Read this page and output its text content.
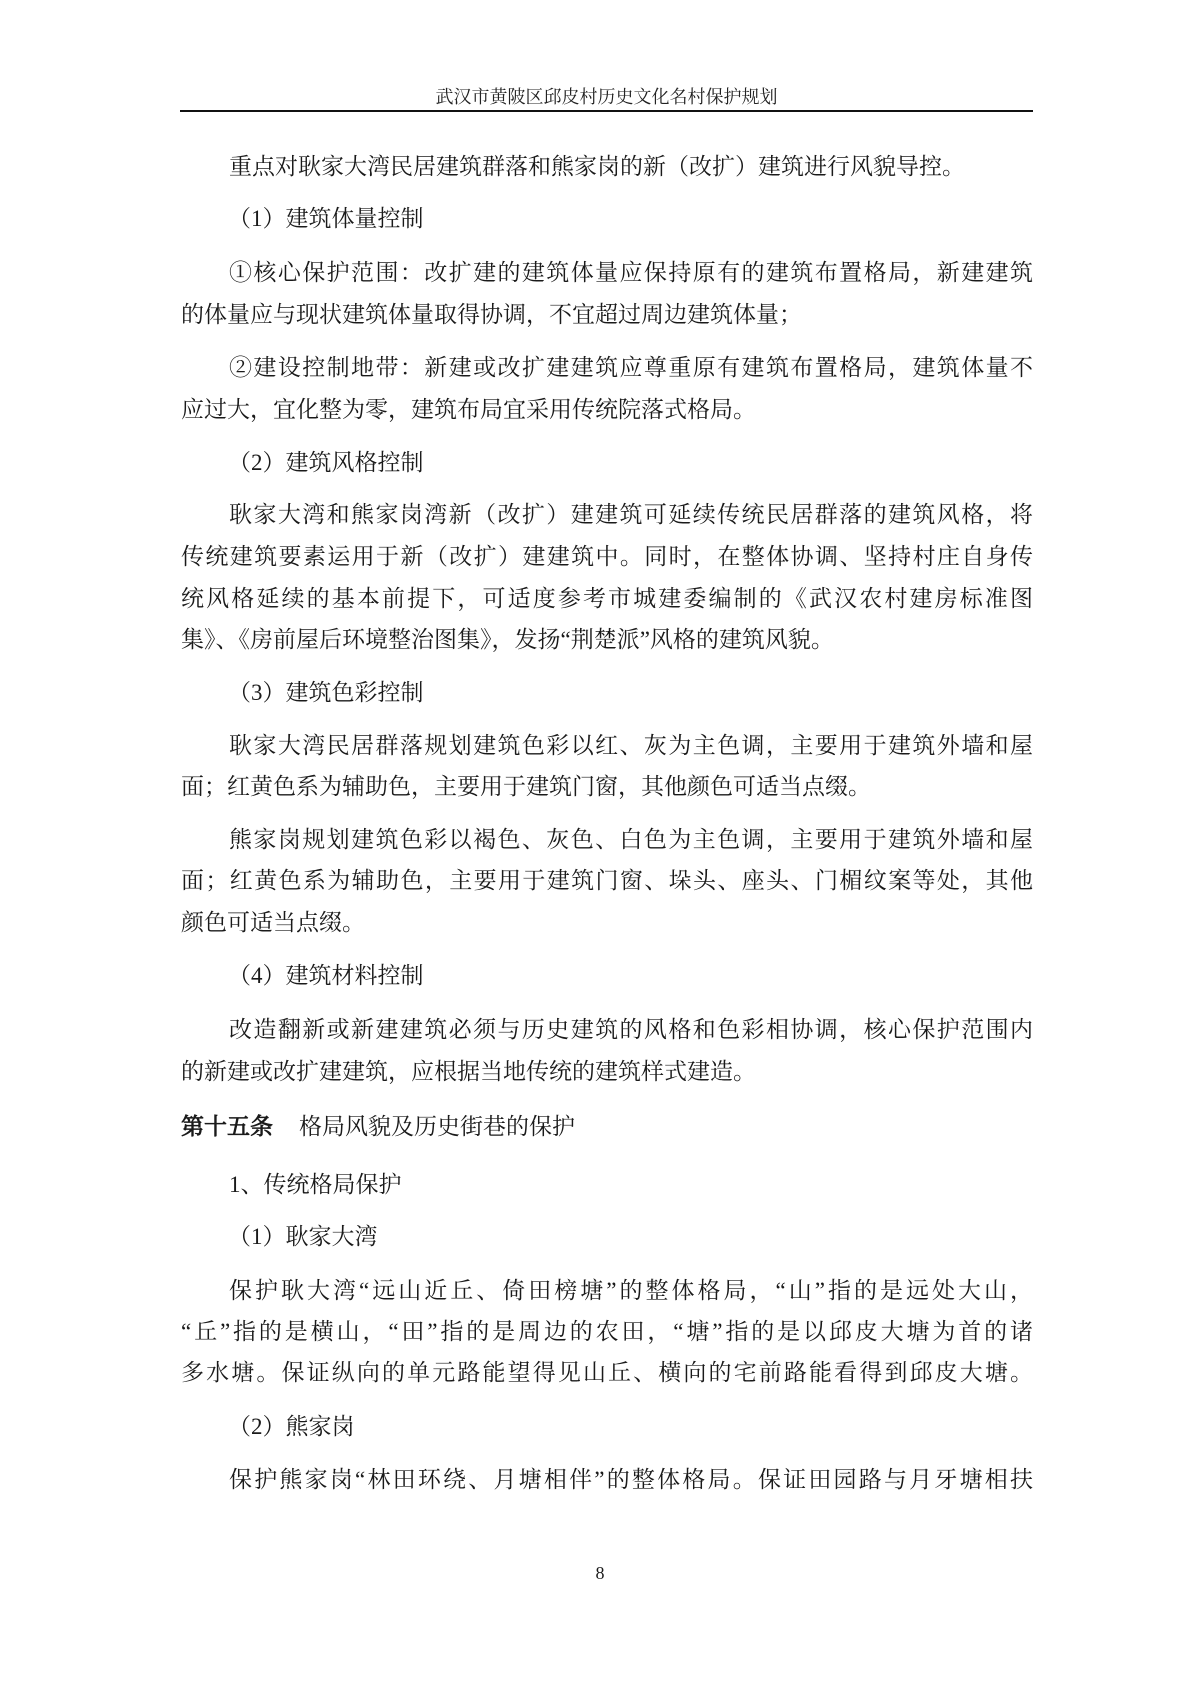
武汉市黄陂区邱皮村历史文化名村保护规划
重点对耿家大湾民居建筑群落和熊家岗的新（改扩）建筑进行风貌导控。
（1）建筑体量控制
①核心保护范围：改扩建的建筑体量应保持原有的建筑布置格局，新建建筑
的体量应与现状建筑体量取得协调，不宜超过周边建筑体量；
②建设控制地带：新建或改扩建建筑应尊重原有建筑布置格局，建筑体量不
应过大，宜化整为零，建筑布局宜采用传统院落式格局。
（2）建筑风格控制
耿家大湾和熊家岗湾新（改扩）建建筑可延续传统民居群落的建筑风格，将
传统建筑要素运用于新（改扩）建建筑中。同时，在整体协调、坚持村庄自身传
统风格延续的基本前提下，可适度参考市城建委编制的《武汉农村建房标准图
集》、《房前屋后环境整治图集》，发扬“荆楚派”风格的建筑风貌。
（3）建筑色彩控制
耿家大湾民居群落规划建筑色彩以红、灰为主色调，主要用于建筑外墙和屋
面；红黄色系为辅助色，主要用于建筑门窗，其他颜色可适当点缀。
熊家岗规划建筑色彩以褐色、灰色、白色为主色调，主要用于建筑外墙和屋
面；红黄色系为辅助色，主要用于建筑门窗、垛头、座头、门楣纹案等处，其他
颜色可适当点缀。
（4）建筑材料控制
改造翻新或新建建筑必须与历史建筑的风格和色彩相协调，核心保护范围内
的新建或改扩建建筑，应根据当地传统的建筑样式建造。
第十五条 格局风貌及历史街巷的保护
1、传统格局保护
（1）耿家大湾
保护耿大湾“远山近丘、倚田榜塘”的整体格局，“山”指的是远处大山，
“丘”指的是横山，“田”指的是周边的农田，“塘”指的是以邱皮大塘为首的诸
多水塘。保证纵向的单元路能望得见山丘、横向的宅前路能看得到邱皮大塘。
（2）熊家岗
保护熊家岗“林田环绕、月塘相伴”的整体格局。保证田园路与月牙塘相扶
8
